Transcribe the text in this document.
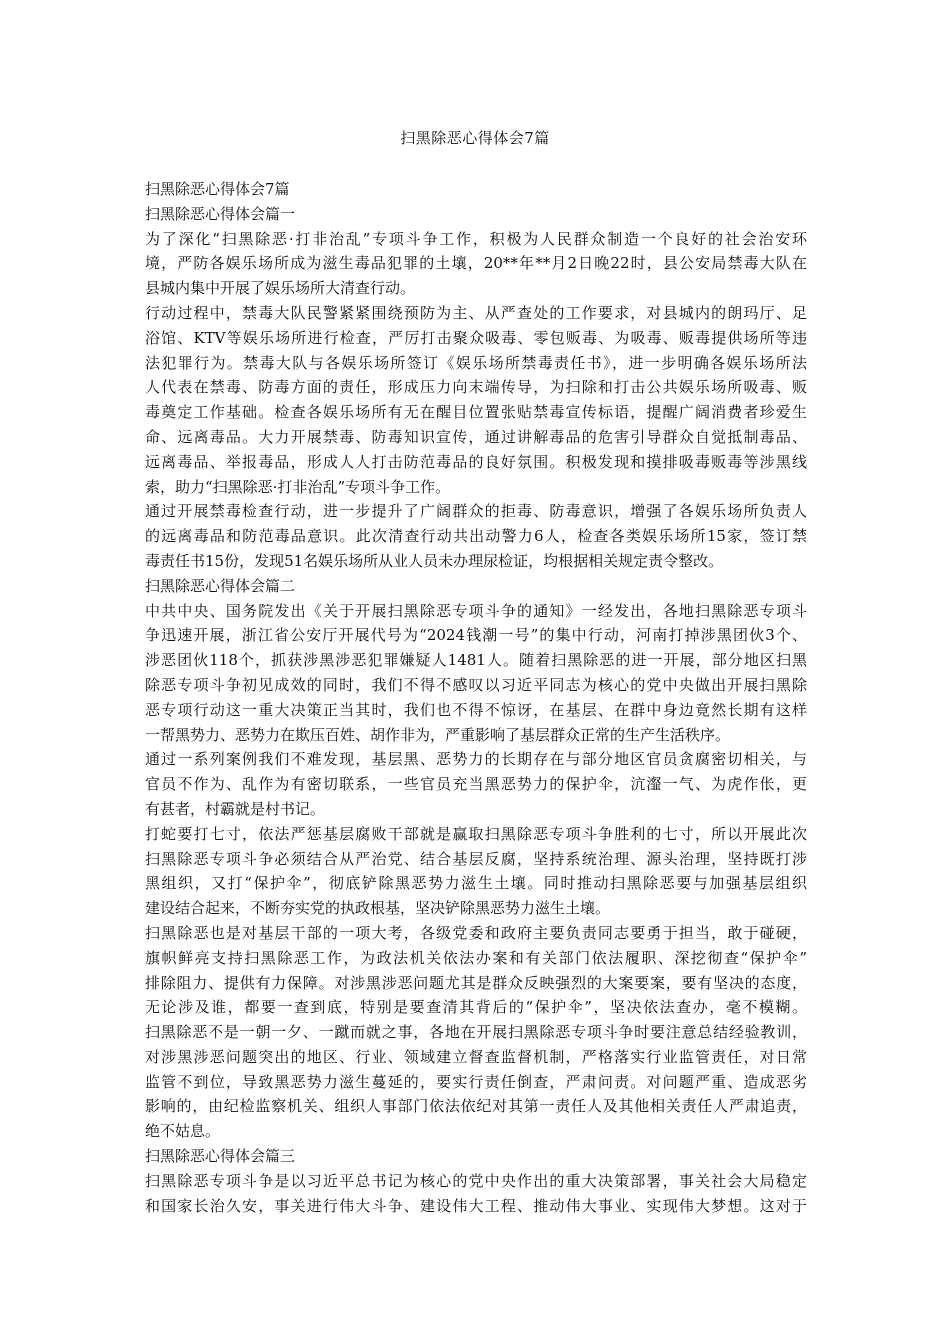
扫黑除恶心得体会7篇
扫黑除恶心得体会7篇
扫黑除恶心得体会篇一
为了深化“扫黑除恶·打非治乱”专项斗争工作，积极为人民群众制造一个良好的社会治安环
境，严防各娱乐场所成为滋生毒品犯罪的土壤，20**年**月2日晚22时，县公安局禁毒大队在
县城内集中开展了娱乐场所大清查行动。
行动过程中，禁毒大队民警紧紧围绕预防为主、从严查处的工作要求，对县城内的朗玛厅、足
浴馆、KTV等娱乐场所进行检查，严厉打击聚众吸毒、零包贩毒、为吸毒、贩毒提供场所等违
法犯罪行为。禁毒大队与各娱乐场所签订《娱乐场所禁毒责任书》，进一步明确各娱乐场所法
人代表在禁毒、防毒方面的责任，形成压力向末端传导，为扫除和打击公共娱乐场所吸毒、贩
毒奠定工作基础。检查各娱乐场所有无在醒目位置张贴禁毒宣传标语，提醒广阔消费者珍爱生
命、远离毒品。大力开展禁毒、防毒知识宣传，通过讲解毒品的危害引导群众自觉抵制毒品、
远离毒品、举报毒品，形成人人打击防范毒品的良好氛围。积极发现和摸排吸毒贩毒等涉黑线
索，助力“扫黑除恶·打非治乱”专项斗争工作。
通过开展禁毒检查行动，进一步提升了广阔群众的拒毒、防毒意识，增强了各娱乐场所负责人
的远离毒品和防范毒品意识。此次清查行动共出动警力6人，检查各类娱乐场所15家，签订禁
毒责任书15份，发现51名娱乐场所从业人员未办理尿检证，均根据相关规定责令整改。
扫黑除恶心得体会篇二
中共中央、国务院发出《关于开展扫黑除恶专项斗争的通知》一经发出，各地扫黑除恶专项斗
争迅速开展，浙江省公安厅开展代号为“2024钱潮一号”的集中行动，河南打掉涉黑团伙3个、
涉恶团伙118个，抓获涉黑涉恶犯罪嫌疑人1481人。随着扫黑除恶的进一开展，部分地区扫黑
除恶专项斗争初见成效的同时，我们不得不感叹以习近平同志为核心的党中央做出开展扫黑除
恶专项行动这一重大决策正当其时，我们也不得不惊讶，在基层、在群中身边竟然长期有这样
一帮黑势力、恶势力在欺压百姓、胡作非为，严重影响了基层群众正常的生产生活秩序。
通过一系列案例我们不难发现，基层黑、恶势力的长期存在与部分地区官员贪腐密切相关，与
官员不作为、乱作为有密切联系，一些官员充当黑恶势力的保护伞，沆瀣一气、为虎作伥，更
有甚者，村霸就是村书记。
打蛇要打七寸，依法严惩基层腐败干部就是赢取扫黑除恶专项斗争胜利的七寸，所以开展此次
扫黑除恶专项斗争必须结合从严治党、结合基层反腐，坚持系统治理、源头治理，坚持既打涉
黑组织，又打“保护伞”，彻底铲除黑恶势力滋生土壤。同时推动扫黑除恶要与加强基层组织
建设结合起来，不断夯实党的执政根基，坚决铲除黑恶势力滋生土壤。
扫黑除恶也是对基层干部的一项大考，各级党委和政府主要负责同志要勇于担当，敢于碰硬，
旗帜鲜亮支持扫黑除恶工作，为政法机关依法办案和有关部门依法履职、深挖彻查“保护伞”
排除阻力、提供有力保障。对涉黑涉恶问题尤其是群众反映强烈的大案要案，要有坚决的态度，
无论涉及谁，都要一查到底，特别是要查清其背后的“保护伞”，坚决依法查办，毫不模糊。
扫黑除恶不是一朝一夕、一蹴而就之事，各地在开展扫黑除恶专项斗争时要注意总结经验教训，
对涉黑涉恶问题突出的地区、行业、领域建立督查监督机制，严格落实行业监管责任，对日常
监管不到位，导致黑恶势力滋生蔓延的，要实行责任倒查，严肃问责。对问题严重、造成恶劣
影响的，由纪检监察机关、组织人事部门依法依纪对其第一责任人及其他相关责任人严肃追责，
绝不姑息。
扫黑除恶心得体会篇三
扫黑除恶专项斗争是以习近平总书记为核心的党中央作出的重大决策部署，事关社会大局稳定
和国家长治久安，事关进行伟大斗争、建设伟大工程、推动伟大事业、实现伟大梦想。这对于
